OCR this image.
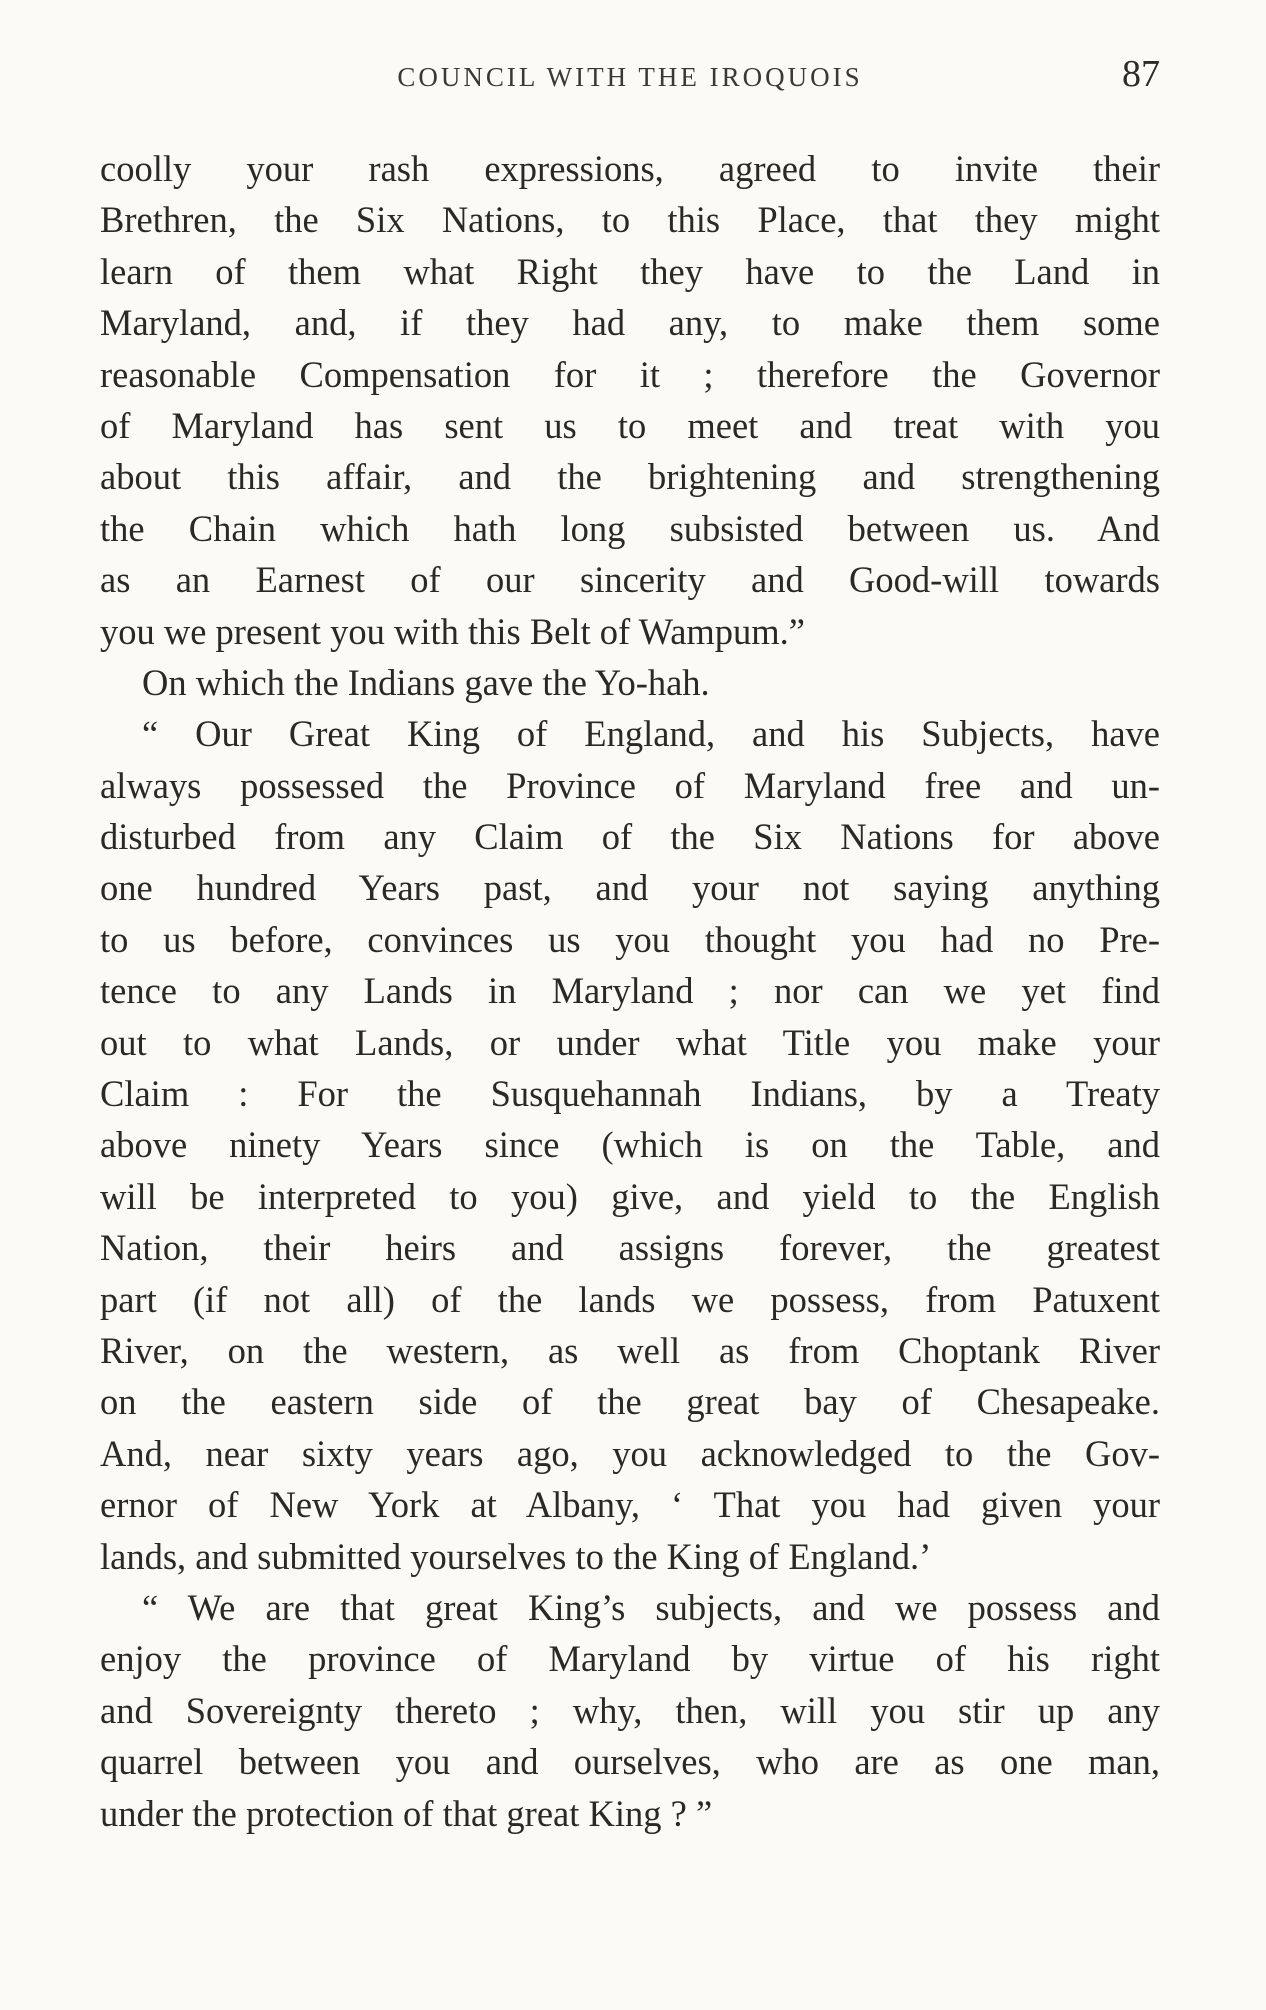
COUNCIL WITH THE IROQUOIS	87
coolly your rash expressions, agreed to invite their
Brethren, the Six Nations, to this Place, that they might
learn of them what Right they have to the Land in
Maryland, and, if they had any, to make them some
reasonable Compensation for it ; therefore the Governor
of Maryland has sent us to meet and treat with you
about this affair, and the brightening and strengthening
the Chain which hath long subsisted between us. And
as an Earnest of our sincerity and Good-will towards
you we present you with this Belt of Wampum.”
On which the Indians gave the Yo-hah.
“ Our Great King of England, and his Subjects, have
always possessed the Province of Maryland free and un-
disturbed from any Claim of the Six Nations for above
one hundred Years past, and your not saying anything
to us before, convinces us you thought you had no Pre-
tence to any Lands in Maryland ; nor can we yet find
out to what Lands, or under what Title you make your
Claim : For the Susquehannah Indians, by a Treaty
above ninety Years since (which is on the Table, and
will be interpreted to you) give, and yield to the English
Nation, their heirs and assigns forever, the greatest
part (if not all) of the lands we possess, from Patuxent
River, on the western, as well as from Choptank River
on the eastern side of the great bay of Chesapeake.
And, near sixty years ago, you acknowledged to the Gov-
ernor of New York at Albany, ‘ That you had given your
lands, and submitted yourselves to the King of England.’
“ We are that great King’s subjects, and we possess and
enjoy the province of Maryland by virtue of his right
and Sovereignty thereto ; why, then, will you stir up any
quarrel between you and ourselves, who are as one man,
under the protection of that great King ? ”
